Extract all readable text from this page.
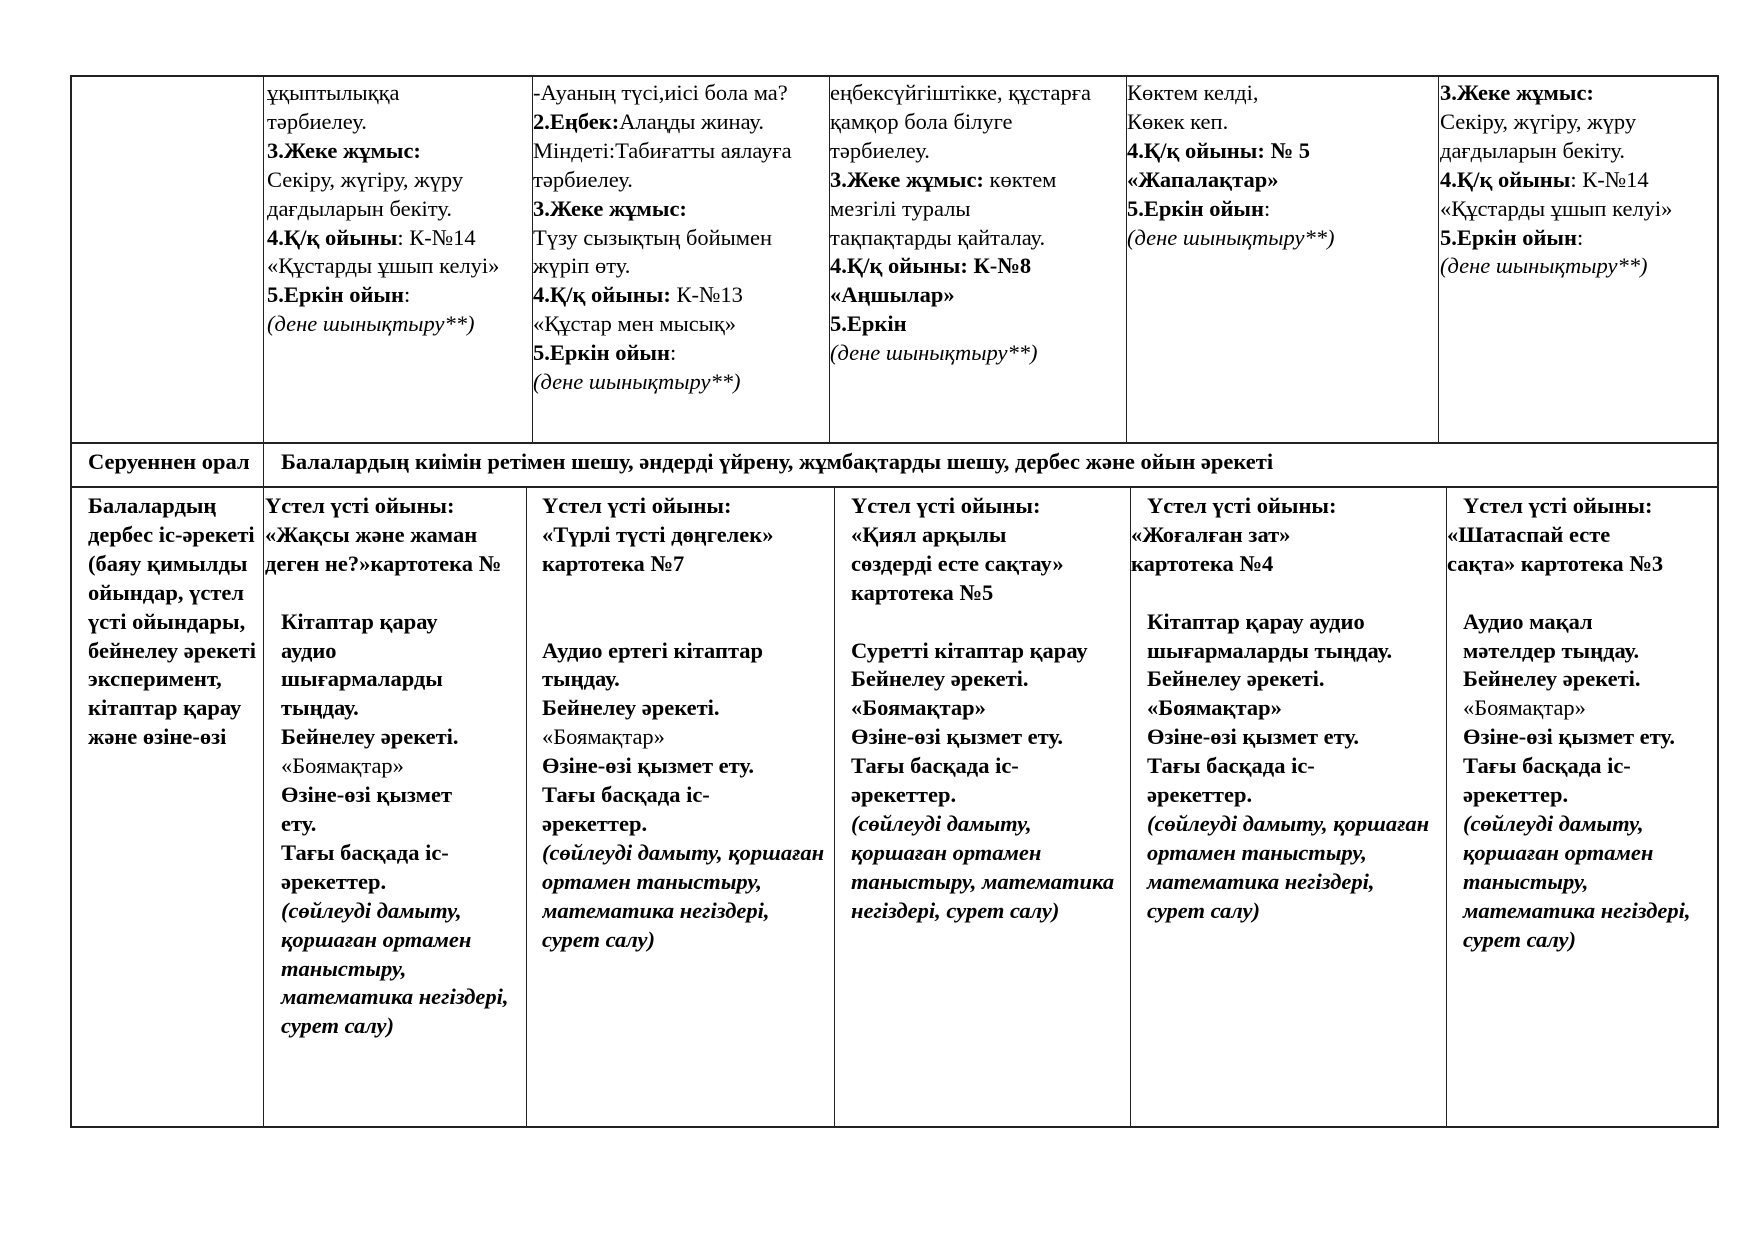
ұқыптылыққа
тәрбиелеу.
3.Жеке жұмыс:
Секіру, жүгіру, жүру
дағдыларын бекіту.
4.Қ/қ ойыны: К-№14
«Құстарды ұшып келуі»
5.Еркін ойын:
(дене шынықтыру**)
-Ауаның түсі,иісі бола ма?
2.Еңбек:Алаңды жинау.
Міндеті:Табиғатты аялауға
тәрбиелеу.
3.Жеке жұмыс:
Түзу сызықтың бойымен
жүріп өту.
4.Қ/қ ойыны: К-№13
«Құстар мен мысық»
5.Еркін ойын:
(дене шынықтыру**)
еңбексүйгіштікке, құстарға
қамқор бола білуге
тәрбиелеу.
3.Жеке жұмыс: көктем
мезгілі туралы
тақпақтарды қайталау.
4.Қ/қ ойыны: К-№8
«Аңшылар»
5.Еркін
(дене шынықтыру**)
Көктем келді,
Көкек кеп.
4.Қ/қ ойыны: № 5
«Жапалақтар»
5.Еркін ойын:
(дене шынықтыру**)
3.Жеке жұмыс:
Секіру, жүгіру, жүру
дағдыларын бекіту.
4.Қ/қ ойыны: К-№14
«Құстарды ұшып келуі»
5.Еркін ойын:
(дене шынықтыру**)
Серуеннен орал	Балалардың киімін ретімен шешу, әндерді үйрену, жұмбақтарды шешу, дербес және ойын әрекеті
Балалардың
дербес іс-әрекеті
(баяу қимылды
ойындар, үстел
үсті ойындары,
бейнелеу әрекеті
эксперимент,
кітаптар қарау
және өзіне-өзі
Үстел үсті ойыны:
«Жақсы және жаман
деген не?»картотека №

Кітаптар қарау
аудио
шығармаларды
тыңдау.
Бейнелеу әрекеті.
«Боямақтар»
Өзіне-өзі қызмет
ету.
Тағы басқада іс-
әрекеттер.
(сөйлеуді дамыту,
қоршаған ортамен
таныстыру,
математика негіздері,
сурет салу)
Үстел үсті ойыны:
«Түрлі түсті дөңгелек»
картотека №7

Аудио ертегі кітаптар
тыңдау.
Бейнелеу әрекеті.
«Боямақтар»
Өзіне-өзі қызмет ету.
Тағы басқада іс-
әрекеттер.
(сөйлеуді дамыту, қоршаған
ортамен таныстыру,
математика негіздері,
сурет салу)
Үстел үсті ойыны:
«Қиял арқылы
сөздерді есте сақтау»
картотека №5

Суретті кітаптар қарау
Бейнелеу әрекеті.
«Боямақтар»
Өзіне-өзі қызмет ету.
Тағы басқада іс-
әрекеттер.
(сөйлеуді дамыту,
қоршаған ортамен
таныстыру, математика
негіздері, сурет салу)
Үстел үсті ойыны:
«Жоғалған зат»
картотека №4

Кітаптар қарау аудио
шығармаларды тыңдау.
Бейнелеу әрекеті.
«Боямақтар»
Өзіне-өзі қызмет ету.
Тағы басқада іс-
әрекеттер.
(сөйлеуді дамыту, қоршаған
ортамен таныстыру,
математика негіздері,
сурет салу)
Үстел үсті ойыны:
«Шатаспай есте
сақта» картотека №3

Аудио мақал
мәтелдер тыңдау.
Бейнелеу әрекеті.
«Боямақтар»
Өзіне-өзі қызмет ету.
Тағы басқада іс-
әрекеттер.
(сөйлеуді дамыту,
қоршаған ортамен
таныстыру,
математика негіздері,
сурет салу)
